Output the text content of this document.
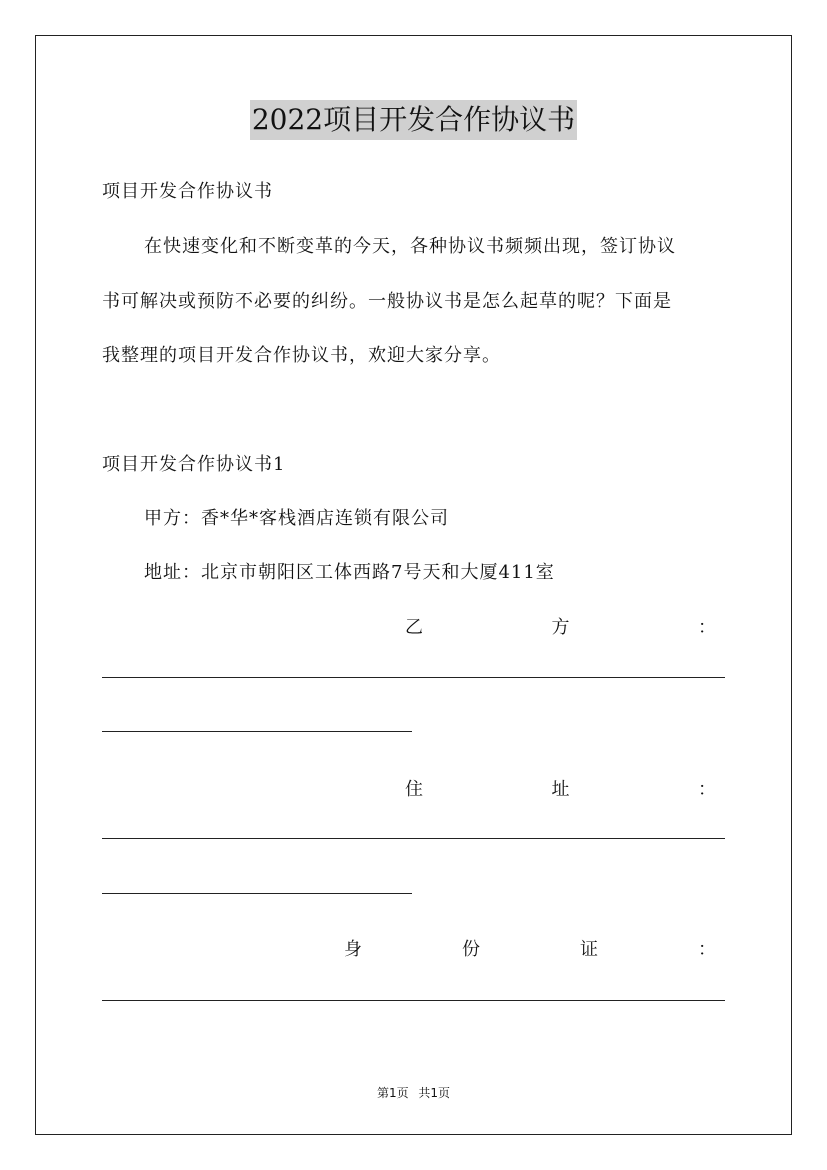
2022项目开发合作协议书
项目开发合作协议书
在快速变化和不断变革的今天，各种协议书频频出现，签订协议
书可解决或预防不必要的纠纷。一般协议书是怎么起草的呢？下面是
我整理的项目开发合作协议书，欢迎大家分享。
项目开发合作协议书1
甲方：香*华*客栈酒店连锁有限公司
地址：北京市朝阳区工体西路7号天和大厦411室
乙	方	：
住	址	：
身	份	证	：
第1页 共1页
